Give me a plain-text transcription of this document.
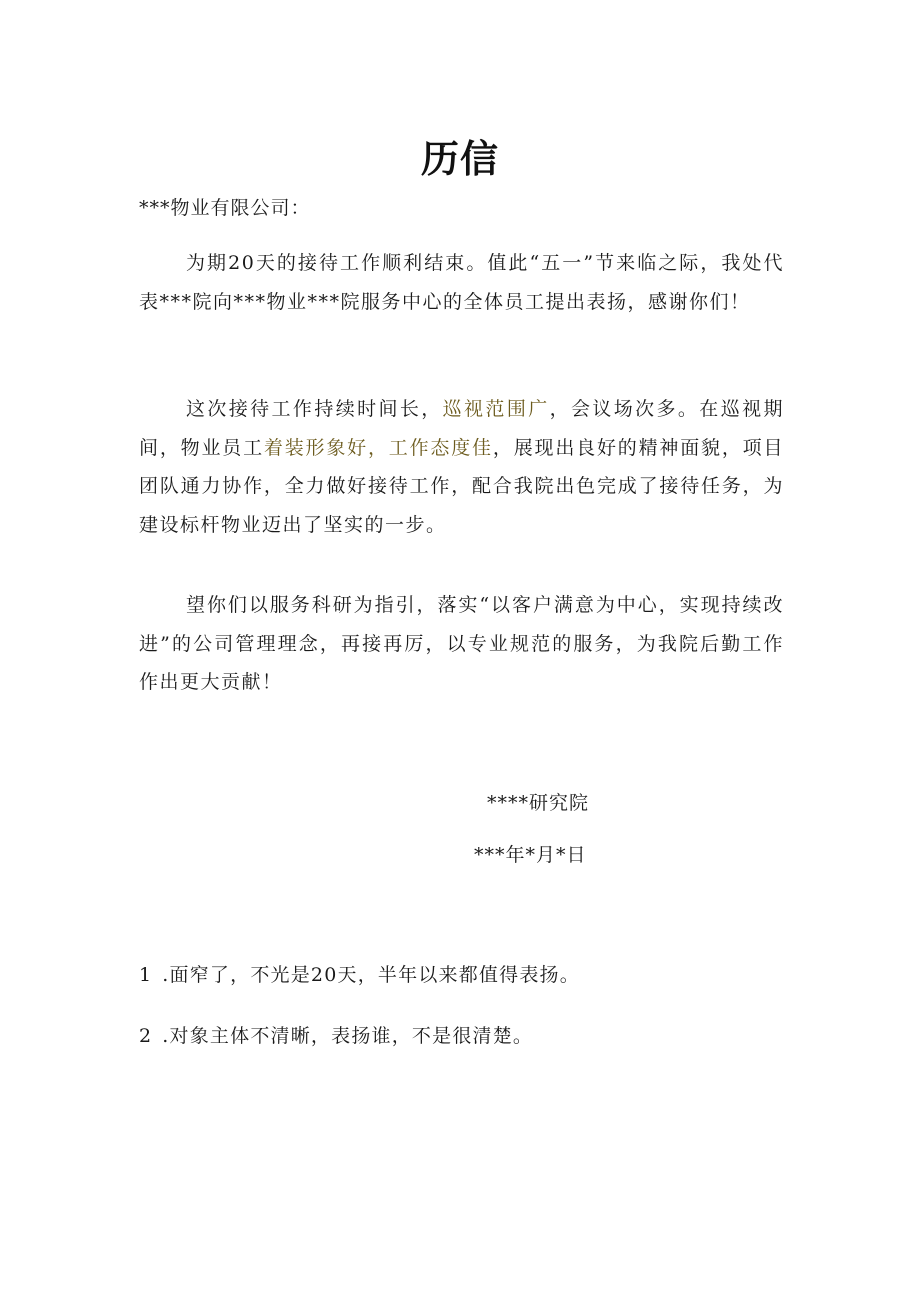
历信
***物业有限公司：
为期20天的接待工作顺利结束。值此“五一”节来临之际，我处代表***院向***物业***院服务中心的全体员工提出表扬，感谢你们！
这次接待工作持续时间长，巡视范围广，会议场次多。在巡视期间，物业员工着装形象好，工作态度佳，展现出良好的精神面貌，项目团队通力协作，全力做好接待工作，配合我院出色完成了接待任务，为建设标杆物业迈出了坚实的一步。
望你们以服务科研为指引，落实“以客户满意为中心，实现持续改进”的公司管理理念，再接再厉，以专业规范的服务，为我院后勤工作作出更大贡献！
****研究院
***年*月*日
1 .面窄了，不光是20天，半年以来都值得表扬。
2 .对象主体不清晰，表扬谁，不是很清楚。
